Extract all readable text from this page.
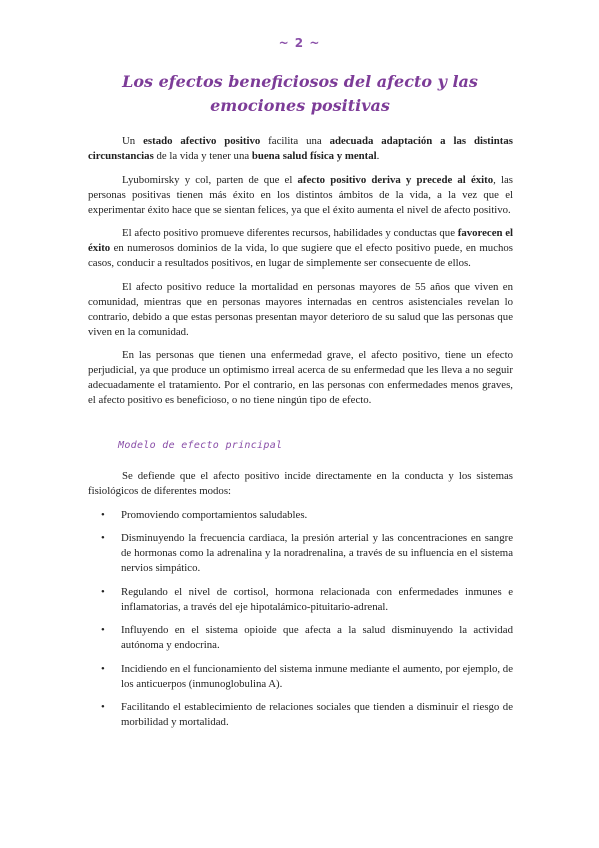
~ 2 ~
Los efectos beneficiosos del afecto y las emociones positivas

Un estado afectivo positivo facilita una adecuada adaptación a las distintas circunstancias de la vida y tener una buena salud física y mental.

Lyubomirsky y col, parten de que el afecto positivo deriva y precede al éxito, las personas positivas tienen más éxito en los distintos ámbitos de la vida, a la vez que el experimentar éxito hace que se sientan felices, ya que el éxito aumenta el nivel de afecto positivo.

El afecto positivo promueve diferentes recursos, habilidades y conductas que favorecen el éxito en numerosos dominios de la vida, lo que sugiere que el efecto positivo puede, en muchos casos, conducir a resultados positivos, en lugar de simplemente ser consecuente de ellos.

El afecto positivo reduce la mortalidad en personas mayores de 55 años que viven en comunidad, mientras que en personas mayores internadas en centros asistenciales revelan lo contrario, debido a que estas personas presentan mayor deterioro de su salud que las personas que viven en la comunidad.

En las personas que tienen una enfermedad grave, el afecto positivo, tiene un efecto perjudicial, ya que produce un optimismo irreal acerca de su enfermedad que les lleva a no seguir adecuadamente el tratamiento. Por el contrario, en las personas con enfermedades menos graves, el afecto positivo es beneficioso, o no tiene ningún tipo de efecto.

Modelo de efecto principal

Se defiende que el afecto positivo incide directamente en la conducta y los sistemas fisiológicos de diferentes modos:

• Promoviendo comportamientos saludables.
• Disminuyendo la frecuencia cardiaca, la presión arterial y las concentraciones en sangre de hormonas como la adrenalina y la noradrenalina, a través de su influencia en el sistema nervios simpático.
• Regulando el nivel de cortisol, hormona relacionada con enfermedades inmunes e inflamatorias, a través del eje hipotalámico-pituitario-adrenal.
• Influyendo en el sistema opioide que afecta a la salud disminuyendo la actividad autónoma y endocrina.
• Incidiendo en el funcionamiento del sistema inmune mediante el aumento, por ejemplo, de los anticuerpos (inmunoglobulina A).
• Facilitando el establecimiento de relaciones sociales que tienden a disminuir el riesgo de morbilidad y mortalidad.
